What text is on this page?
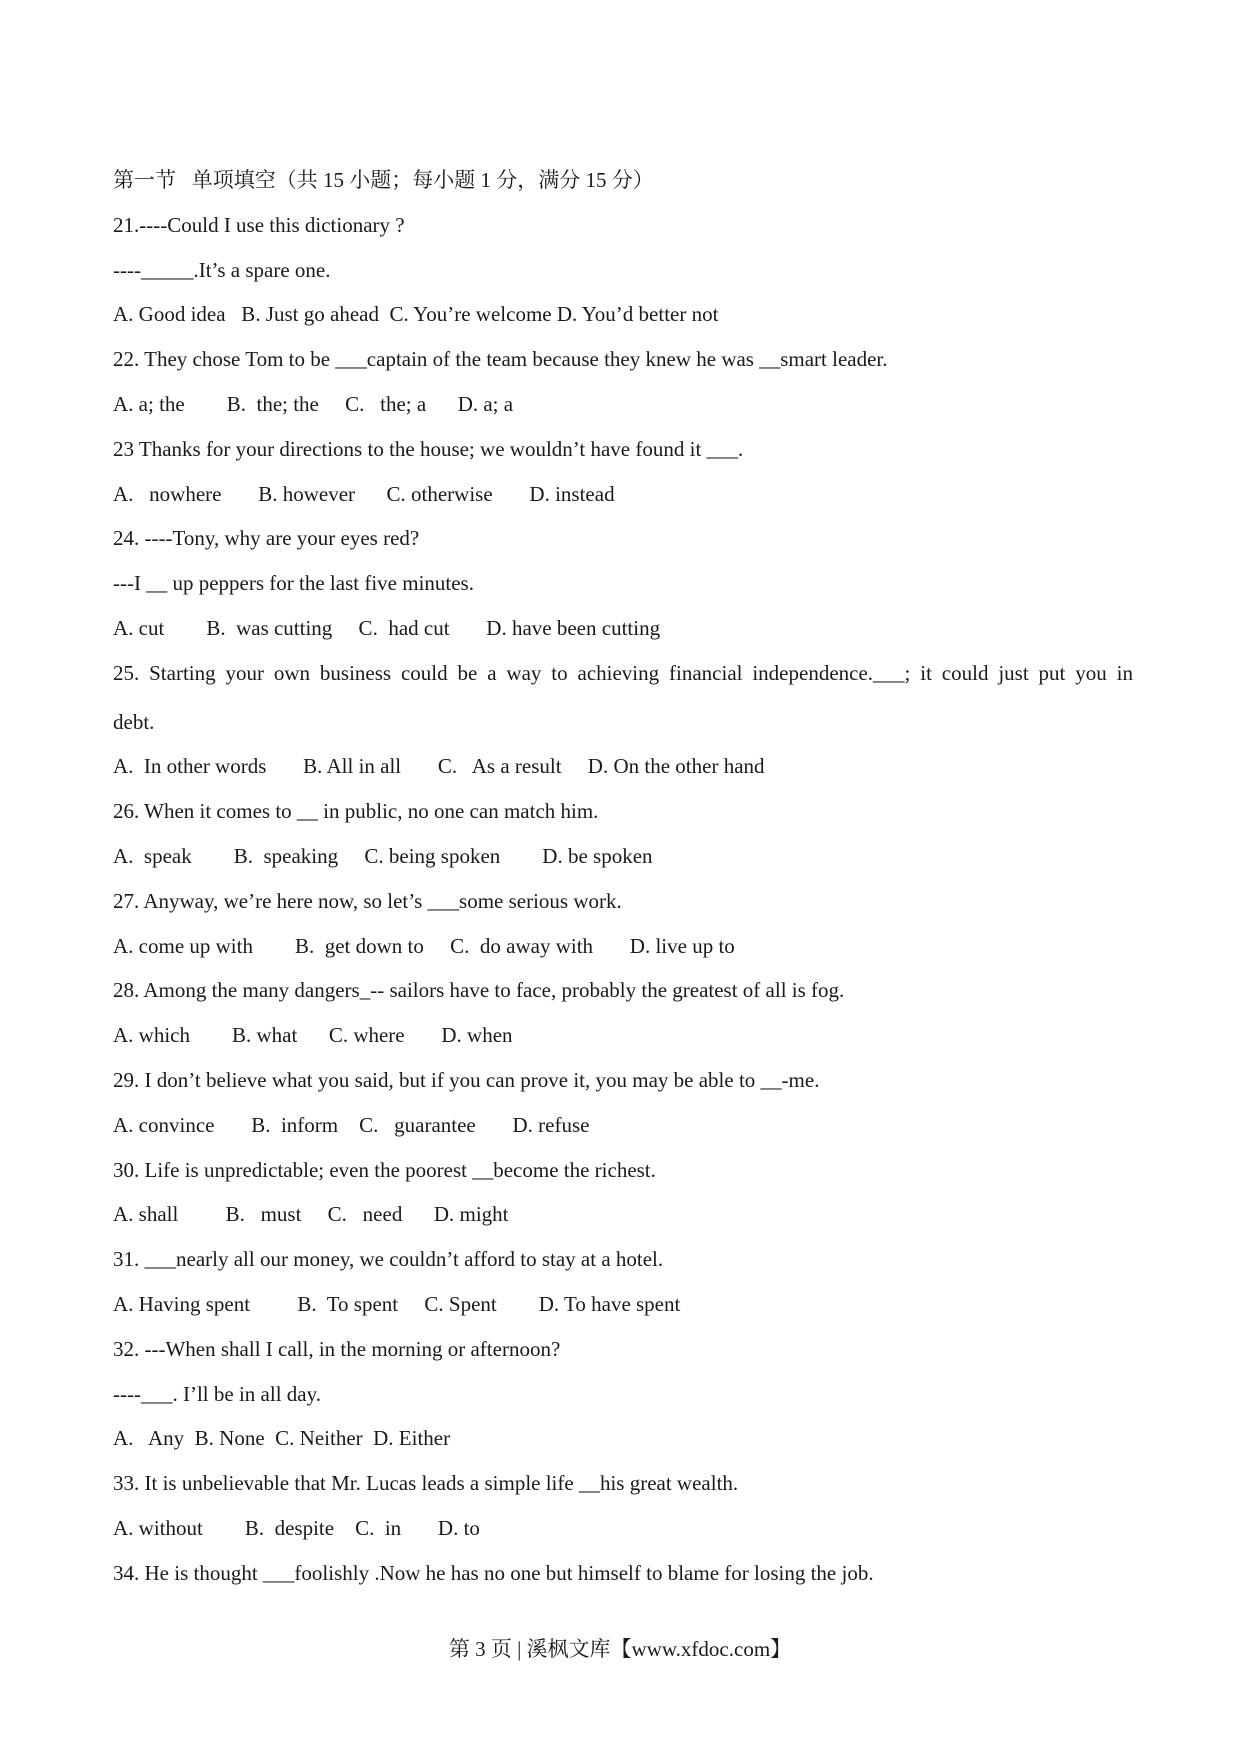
第一节   单项填空（共 15 小题；每小题 1 分，满分 15 分）

21.----Could I use this dictionary ?

----_____.It’s a spare one.

A. Good idea   B. Just go ahead  C. You’re welcome D. You’d better not

22. They chose Tom to be ___captain of the team because they knew he was __smart leader.

A. a; the        B.  the; the     C.   the; a      D. a; a

23 Thanks for your directions to the house; we wouldn’t have found it ___.

A.   nowhere       B. however      C. otherwise       D. instead

24. ----Tony, why are your eyes red?

---I __ up peppers for the last five minutes.

A. cut        B.  was cutting     C.  had cut       D. have been cutting

25. Starting your own business could be a way to achieving financial independence.___; it could just put you in

debt.

A.  In other words       B. All in all       C.   As a result     D. On the other hand

26. When it comes to __ in public, no one can match him.

A.  speak        B.  speaking     C. being spoken        D. be spoken

27. Anyway, we’re here now, so let’s ___some serious work.

A. come up with        B.  get down to     C.  do away with       D. live up to

28. Among the many dangers_-- sailors have to face, probably the greatest of all is fog.

A. which        B. what      C. where       D. when

29. I don’t believe what you said, but if you can prove it, you may be able to __-me.

A. convince       B.  inform    C.   guarantee       D. refuse

30. Life is unpredictable; even the poorest __become the richest.

A. shall         B.   must     C.   need      D. might

31. ___nearly all our money, we couldn’t afford to stay at a hotel.

A. Having spent         B.  To spent     C. Spent        D. To have spent

32. ---When shall I call, in the morning or afternoon?

----___. I’ll be in all day.

A.   Any  B. None  C. Neither  D. Either

33. It is unbelievable that Mr. Lucas leads a simple life __his great wealth.

A. without        B.  despite    C.  in       D. to

34. He is thought ___foolishly .Now he has no one but himself to blame for losing the job.

第 3 页 | 溪枫文库【www.xfdoc.com】
